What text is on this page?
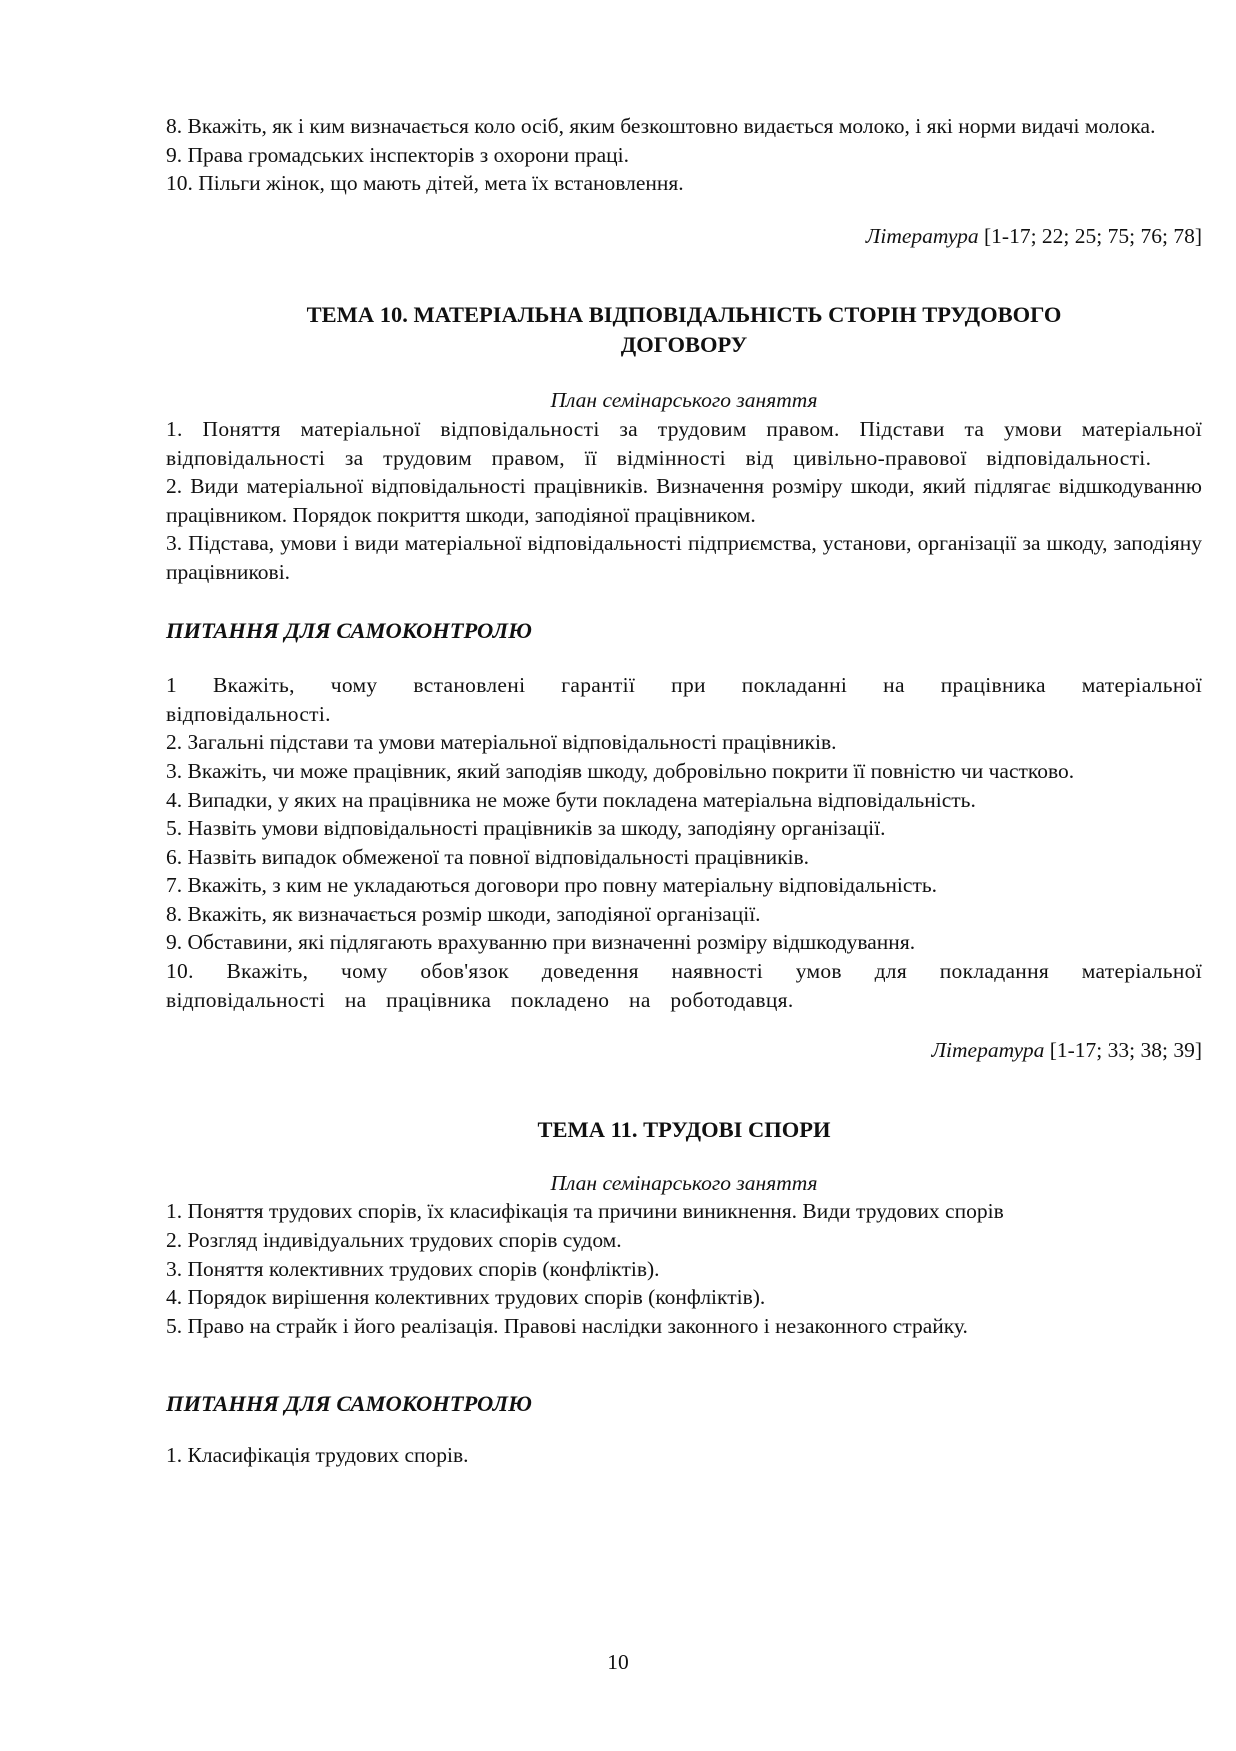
8. Вкажіть, як і ким визначається коло осіб, яким безкоштовно видається молоко, і які норми видачі молока.

9. Права громадських інспекторів з охорони праці.

10. Пільги жінок, що мають дітей, мета їх встановлення.

Література [1-17; 22; 25; 75; 76; 78]

ТЕМА 10. МАТЕРІАЛЬНА ВІДПОВІДАЛЬНІСТЬ СТОРІН ТРУДОВОГО
ДОГОВОРУ

План семінарського заняття

1. Поняття матеріальної відповідальності за трудовим правом. Підстави та умови матеріальної відповідальності за трудовим правом, її відмінності від цивільно-правової відповідальності.

2. Види матеріальної відповідальності працівників. Визначення розміру шкоди, який підлягає відшкодуванню працівником. Порядок покриття шкоди, заподіяної працівником.

3. Підстава, умови і види матеріальної відповідальності підприємства, установи, організації за шкоду, заподіяну працівникові.

ПИТАННЯ ДЛЯ САМОКОНТРОЛЮ

1 Вкажіть, чому встановлені гарантії при покладанні на працівника матеріальної відповідальності.

2. Загальні підстави та умови матеріальної відповідальності працівників.

3. Вкажіть, чи може працівник, який заподіяв шкоду, добровільно покрити її повністю чи частково.

4. Випадки, у яких на працівника не може бути покладена матеріальна відповідальність.

5. Назвіть умови відповідальності працівників за шкоду, заподіяну організації.

6. Назвіть випадок обмеженої та повної відповідальності працівників.

7. Вкажіть, з ким не укладаються договори про повну матеріальну відповідальність.

8. Вкажіть, як визначається розмір шкоди, заподіяної організації.

9. Обставини, які підлягають врахуванню при визначенні розміру відшкодування.

10. Вкажіть, чому обов'язок доведення наявності умов для покладання матеріальної відповідальності на працівника покладено на роботодавця.

Література [1-17; 33; 38; 39]

ТЕМА 11. ТРУДОВІ СПОРИ

План семінарського заняття

1. Поняття трудових спорів, їх класифікація та причини виникнення. Види трудових спорів

2. Розгляд індивідуальних трудових спорів судом.

3. Поняття колективних трудових спорів (конфліктів).

4. Порядок вирішення колективних трудових спорів (конфліктів).

5. Право на страйк і його реалізація. Правові наслідки законного і незаконного страйку.

ПИТАННЯ ДЛЯ САМОКОНТРОЛЮ

1. Класифікація трудових спорів.

10
